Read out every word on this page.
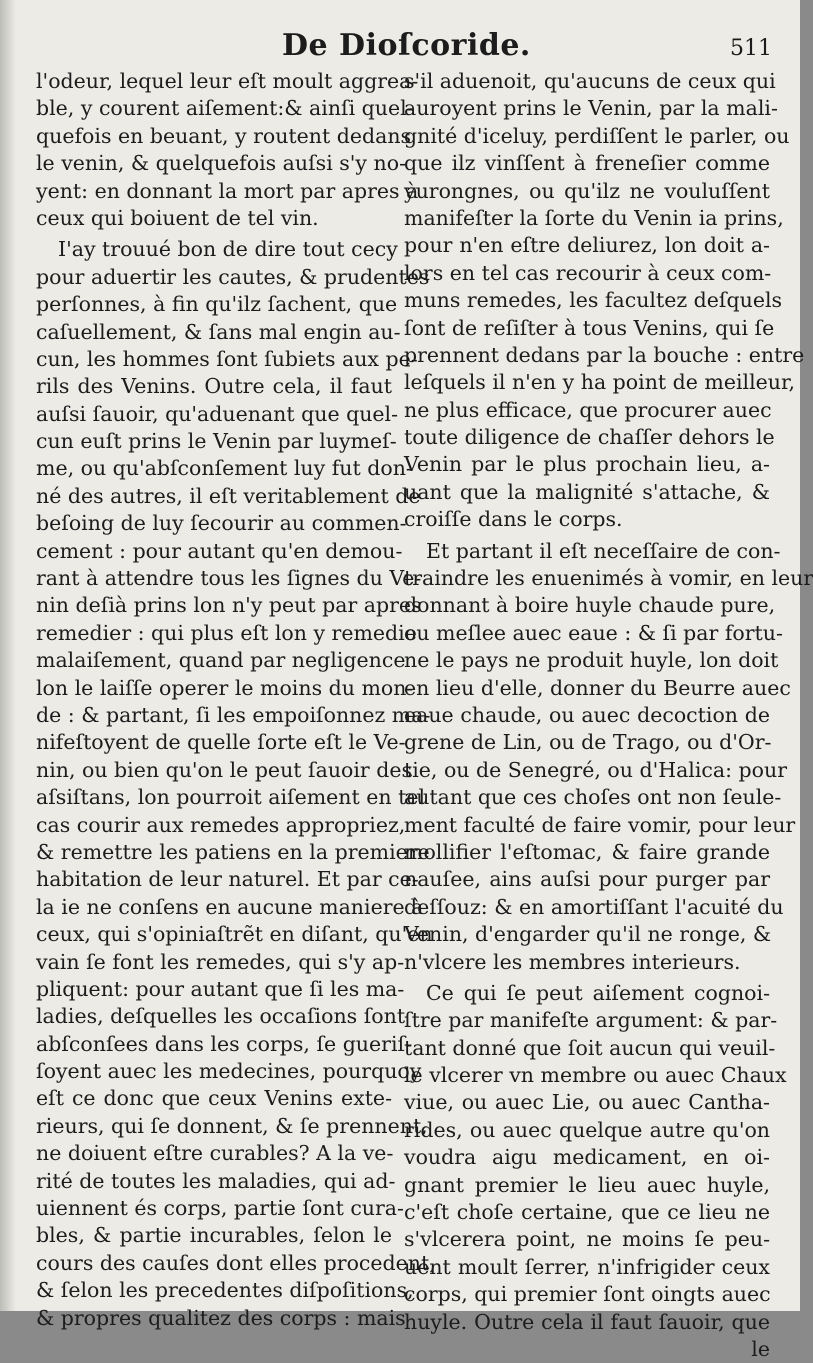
De Dioſcoride.	511
l'odeur, lequel leur eſt moult aggrea-
ble, y courent aiſement:& ainſi quel-
quefois en beuant, y routent dedans
le venin, & quelquefois auſsi s'y no-
yent: en donnant la mort par apres à
ceux qui boiuent de tel vin.
I'ay trouué bon de dire tout cecy
pour aduertir les cautes, & prudentes
perſonnes, à fin qu'ilz ſachent, que
caſuellement, & ſans mal engin au-
cun, les hommes ſont ſubiets aux pe-
rils des Venins. Outre cela, il faut
auſsi ſauoir, qu'aduenant que quel-
cun euſt prins le Venin par luymeſ-
me, ou qu'abſconſement luy fut don-
né des autres, il eſt veritablement de
beſoing de luy ſecourir au commen-
cement : pour autant qu'en demou-
rant à attendre tous les ſignes du Ve-
nin deſià prins lon n'y peut par apres
remedier : qui plus eſt lon y remedie
malaiſement, quand par negligence
lon le laiſſe operer le moins du mon-
de : & partant, ſi les empoiſonnez ma-
nifeſtoyent de quelle ſorte eſt le Ve-
nin, ou bien qu'on le peut ſauoir des
aſsiſtans, lon pourroit aiſement en tel
cas courir aux remedes appropriez,
& remettre les patiens en la premiere
habitation de leur naturel. Et par ce-
la ie ne conſens en aucune maniere à
ceux, qui s'opiniaſtrẽt en diſant, qu'en
vain ſe font les remedes, qui s'y ap-
pliquent: pour autant que ſi les ma-
ladies, deſquelles les occaſions ſont
abſconſees dans les corps, ſe gueriſ-
ſoyent auec les medecines, pourquoy
eſt ce donc que ceux Venins exte-
rieurs, qui ſe donnent, & ſe prennent,
ne doiuent eſtre curables? A la ve-
rité de toutes les maladies, qui ad-
uiennent és corps, partie ſont cura-
bles, & partie incurables, ſelon le
cours des cauſes dont elles procedent,
& ſelon les precedentes diſpoſitions,
& propres qualitez des corps : mais
s'il aduenoit, qu'aucuns de ceux qui
auroyent prins le Venin, par la mali-
gnité d'iceluy, perdiſſent le parler, ou
que ilz vinſſent à freneſier comme
yurongnes, ou qu'ilz ne vouluſſent
manifeſter la ſorte du Venin ia prins,
pour n'en eſtre deliurez, lon doit a-
lors en tel cas recourir à ceux com-
muns remedes, les facultez deſquels
ſont de reſiſter à tous Venins, qui ſe
prennent dedans par la bouche : entre
leſquels il n'en y ha point de meilleur,
ne plus efficace, que procurer auec
toute diligence de chaſſer dehors le
Venin par le plus prochain lieu, a-
uant que la malignité s'attache, &
croiſſe dans le corps.
Et partant il eſt neceſſaire de con-
traindre les enuenimés à vomir, en leur
donnant à boire huyle chaude pure,
ou meſlee auec eaue : & ſi par fortu-
ne le pays ne produit huyle, lon doit
en lieu d'elle, donner du Beurre auec
eaue chaude, ou auec decoction de
grene de Lin, ou de Trago, ou d'Or-
tie, ou de Senegré, ou d'Halica: pour
autant que ces choſes ont non ſeule-
ment faculté de faire vomir, pour leur
mollifier l'eſtomac, & faire grande
nauſee, ains auſsi pour purger par
deſſouz: & en amortiſſant l'acuité du
Venin, d'engarder qu'il ne ronge, &
n'vlcere les membres interieurs.
Ce qui ſe peut aiſement cognoi-
ſtre par manifeſte argument: & par-
tant donné que ſoit aucun qui veuil-
le vlcerer vn membre ou auec Chaux
viue, ou auec Lie, ou auec Cantha-
rides, ou auec quelque autre qu'on
voudra aigu medicament, en oi-
gnant premier le lieu auec huyle,
c'eſt choſe certaine, que ce lieu ne
s'vlcerera point, ne moins ſe peu-
uent moult ſerrer, n'infrigider ceux
corps, qui premier ſont oingts auec
huyle. Outre cela il faut ſauoir, que
le
